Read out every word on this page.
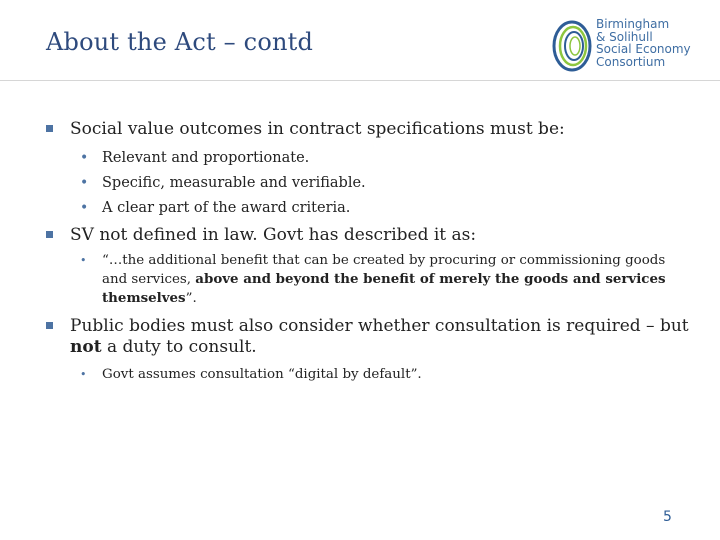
About the Act – contd
Birmingham
& Solihull
Social Economy
Consortium
Social value outcomes in contract specifications must be:
• Relevant and proportionate.
• Specific, measurable and verifiable.
• A clear part of the award criteria.
SV not defined in law. Govt has described it as:
• “…the additional benefit that can be created by procuring or commissioning goods and services, above and beyond the benefit of merely the goods and services themselves”.
Public bodies must also consider whether consultation is required – but not a duty to consult.
• Govt assumes consultation “digital by default”.
5
